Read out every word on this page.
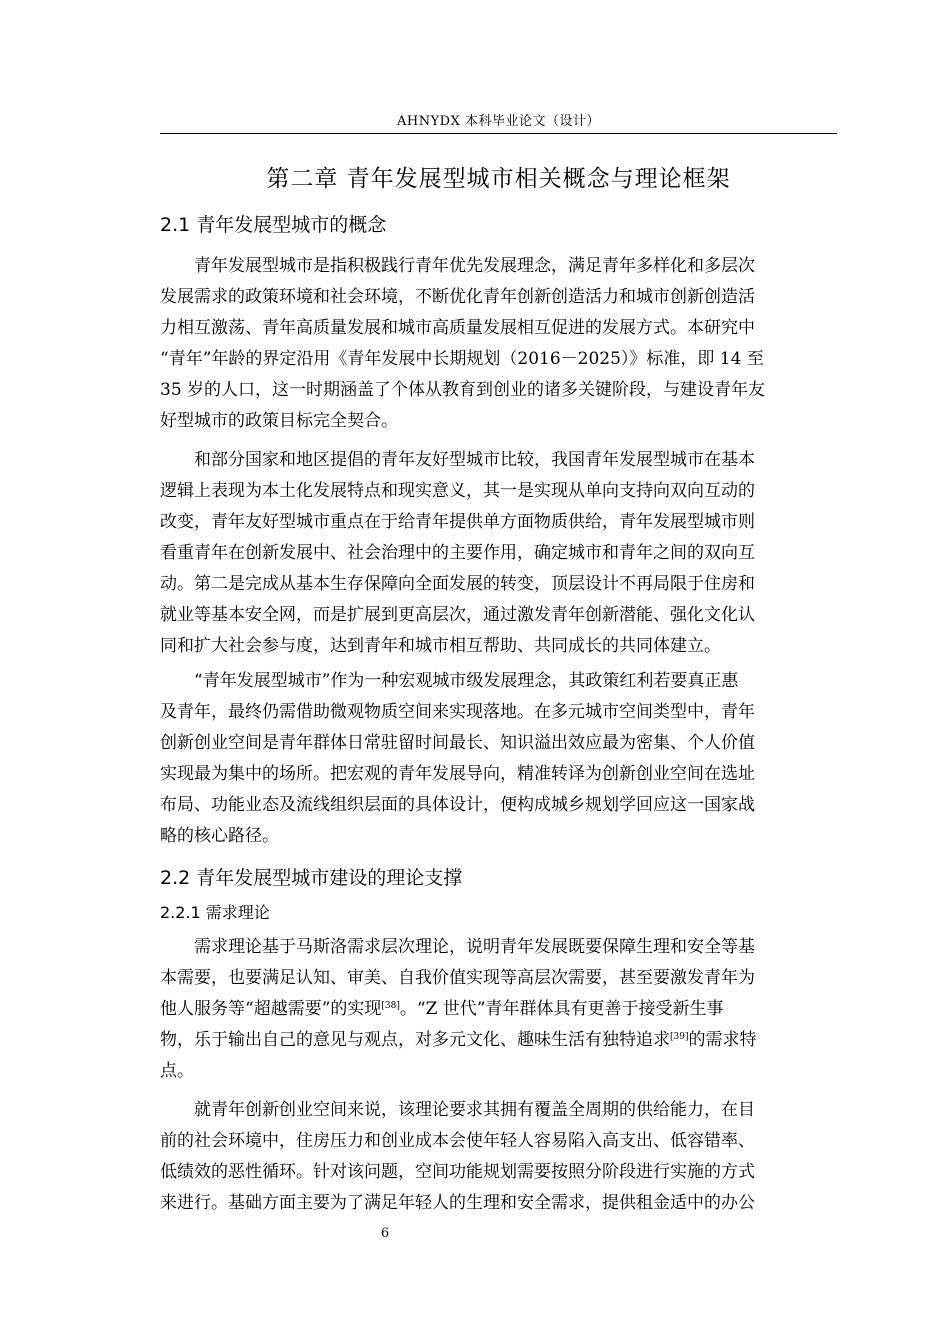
AHNYDX 本科毕业论文（设计）
第二章 青年发展型城市相关概念与理论框架
2.1 青年发展型城市的概念
青年发展型城市是指积极践行青年优先发展理念，满足青年多样化和多层次
发展需求的政策环境和社会环境，不断优化青年创新创造活力和城市创新创造活
力相互激荡、青年高质量发展和城市高质量发展相互促进的发展方式。本研究中
“青年”年龄的界定沿用《青年发展中长期规划（2016－2025）》标准，即 14 至
35 岁的人口，这一时期涵盖了个体从教育到创业的诸多关键阶段，与建设青年友
好型城市的政策目标完全契合。
和部分国家和地区提倡的青年友好型城市比较，我国青年发展型城市在基本
逻辑上表现为本土化发展特点和现实意义，其一是实现从单向支持向双向互动的
改变，青年友好型城市重点在于给青年提供单方面物质供给，青年发展型城市则
看重青年在创新发展中、社会治理中的主要作用，确定城市和青年之间的双向互
动。第二是完成从基本生存保障向全面发展的转变，顶层设计不再局限于住房和
就业等基本安全网，而是扩展到更高层次，通过激发青年创新潜能、强化文化认
同和扩大社会参与度，达到青年和城市相互帮助、共同成长的共同体建立。
“青年发展型城市”作为一种宏观城市级发展理念，其政策红利若要真正惠
及青年，最终仍需借助微观物质空间来实现落地。在多元城市空间类型中，青年
创新创业空间是青年群体日常驻留时间最长、知识溢出效应最为密集、个人价值
实现最为集中的场所。把宏观的青年发展导向，精准转译为创新创业空间在选址
布局、功能业态及流线组织层面的具体设计，便构成城乡规划学回应这一国家战
略的核心路径。
2.2 青年发展型城市建设的理论支撑
2.2.1 需求理论
需求理论基于马斯洛需求层次理论，说明青年发展既要保障生理和安全等基
本需要，也要满足认知、审美、自我价值实现等高层次需要，甚至要激发青年为
他人服务等“超越需要”的实现[38]。“Z 世代”青年群体具有更善于接受新生事
物，乐于输出自己的意见与观点，对多元文化、趣味生活有独特追求[39]的需求特
点。
就青年创新创业空间来说，该理论要求其拥有覆盖全周期的供给能力，在目
前的社会环境中，住房压力和创业成本会使年轻人容易陷入高支出、低容错率、
低绩效的恶性循环。针对该问题，空间功能规划需要按照分阶段进行实施的方式
来进行。基础方面主要为了满足年轻人的生理和安全需求，提供租金适中的办公
6
